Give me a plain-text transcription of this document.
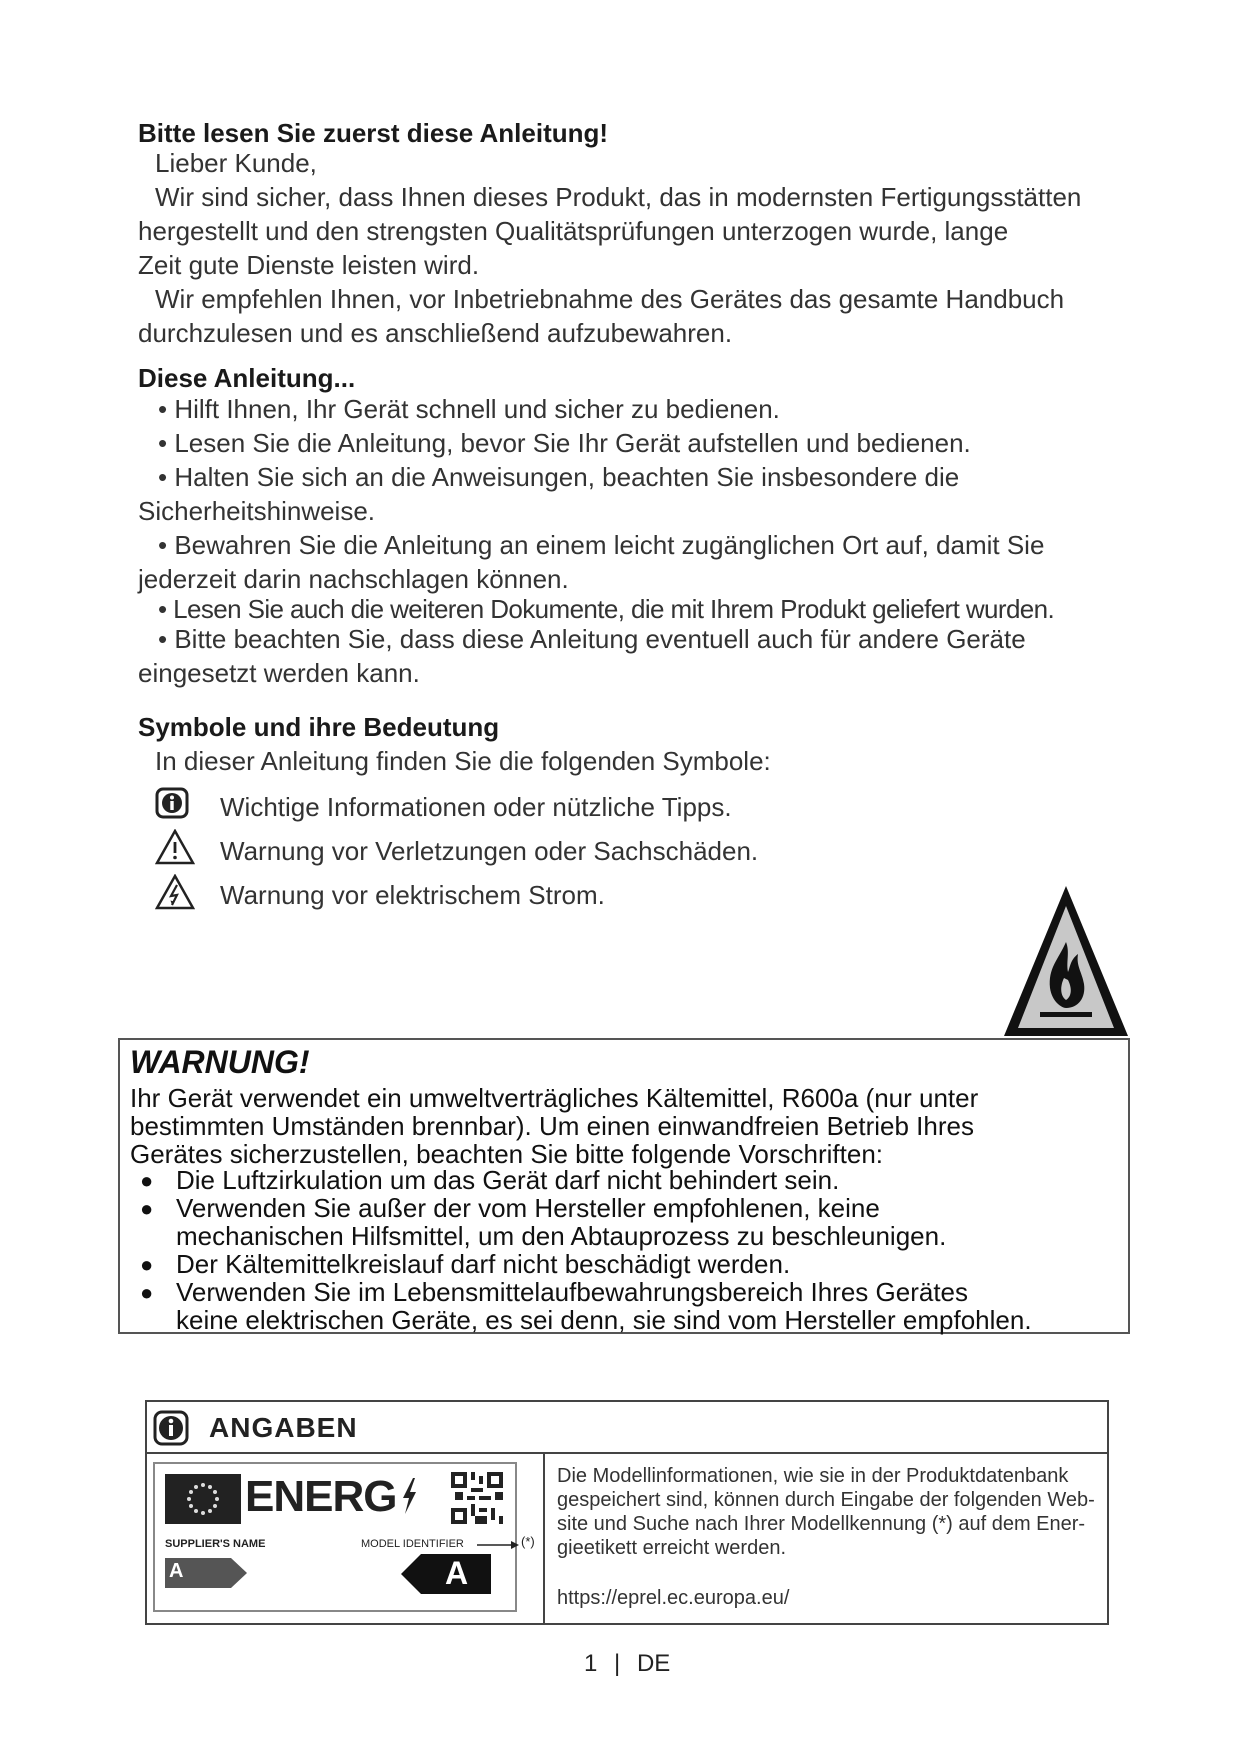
Bitte lesen Sie zuerst diese Anleitung!
Lieber Kunde,
Wir sind sicher, dass Ihnen dieses Produkt, das in modernsten Fertigungsstätten
hergestellt und den strengsten Qualitätsprüfungen unterzogen wurde, lange
Zeit gute Dienste leisten wird.
Wir empfehlen Ihnen, vor Inbetriebnahme des Gerätes das gesamte Handbuch
durchzulesen und es anschließend aufzubewahren.
Diese Anleitung...
• Hilft Ihnen, Ihr Gerät schnell und sicher zu bedienen.
• Lesen Sie die Anleitung, bevor Sie Ihr Gerät aufstellen und bedienen.
• Halten Sie sich an die Anweisungen, beachten Sie insbesondere die
Sicherheitshinweise.
• Bewahren Sie die Anleitung an einem leicht zugänglichen Ort auf, damit Sie
jederzeit darin nachschlagen können.
• Lesen Sie auch die weiteren Dokumente, die mit Ihrem Produkt geliefert wurden.
• Bitte beachten Sie, dass diese Anleitung eventuell auch für andere Geräte
eingesetzt werden kann.
Symbole und ihre Bedeutung
In dieser Anleitung finden Sie die folgenden Symbole:
Wichtige Informationen oder nützliche Tipps.
Warnung vor Verletzungen oder Sachschäden.
Warnung vor elektrischem Strom.
WARNUNG!
Ihr Gerät verwendet ein umweltverträgliches Kältemittel, R600a (nur unter
bestimmten Umständen brennbar). Um einen einwandfreien Betrieb Ihres
Gerätes sicherzustellen, beachten Sie bitte folgende Vorschriften:
● Die Luftzirkulation um das Gerät darf nicht behindert sein.
● Verwenden Sie außer der vom Hersteller empfohlenen, keine
mechanischen Hilfsmittel, um den Abtauprozess zu beschleunigen.
● Der Kältemittelkreislauf darf nicht beschädigt werden.
● Verwenden Sie im Lebensmittelaufbewahrungsbereich Ihres Gerätes
keine elektrischen Geräte, es sei denn, sie sind vom Hersteller empfohlen.
ANGABEN
ENERG
SUPPLIER'S NAME	MODEL IDENTIFIER
A	A
(*)
Die Modellinformationen, wie sie in der Produktdatenbank
gespeichert sind, können durch Eingabe der folgenden Web-
site und Suche nach Ihrer Modellkennung (*) auf dem Ener-
gieetikett erreicht werden.
https://eprel.ec.europa.eu/
1 | DE
